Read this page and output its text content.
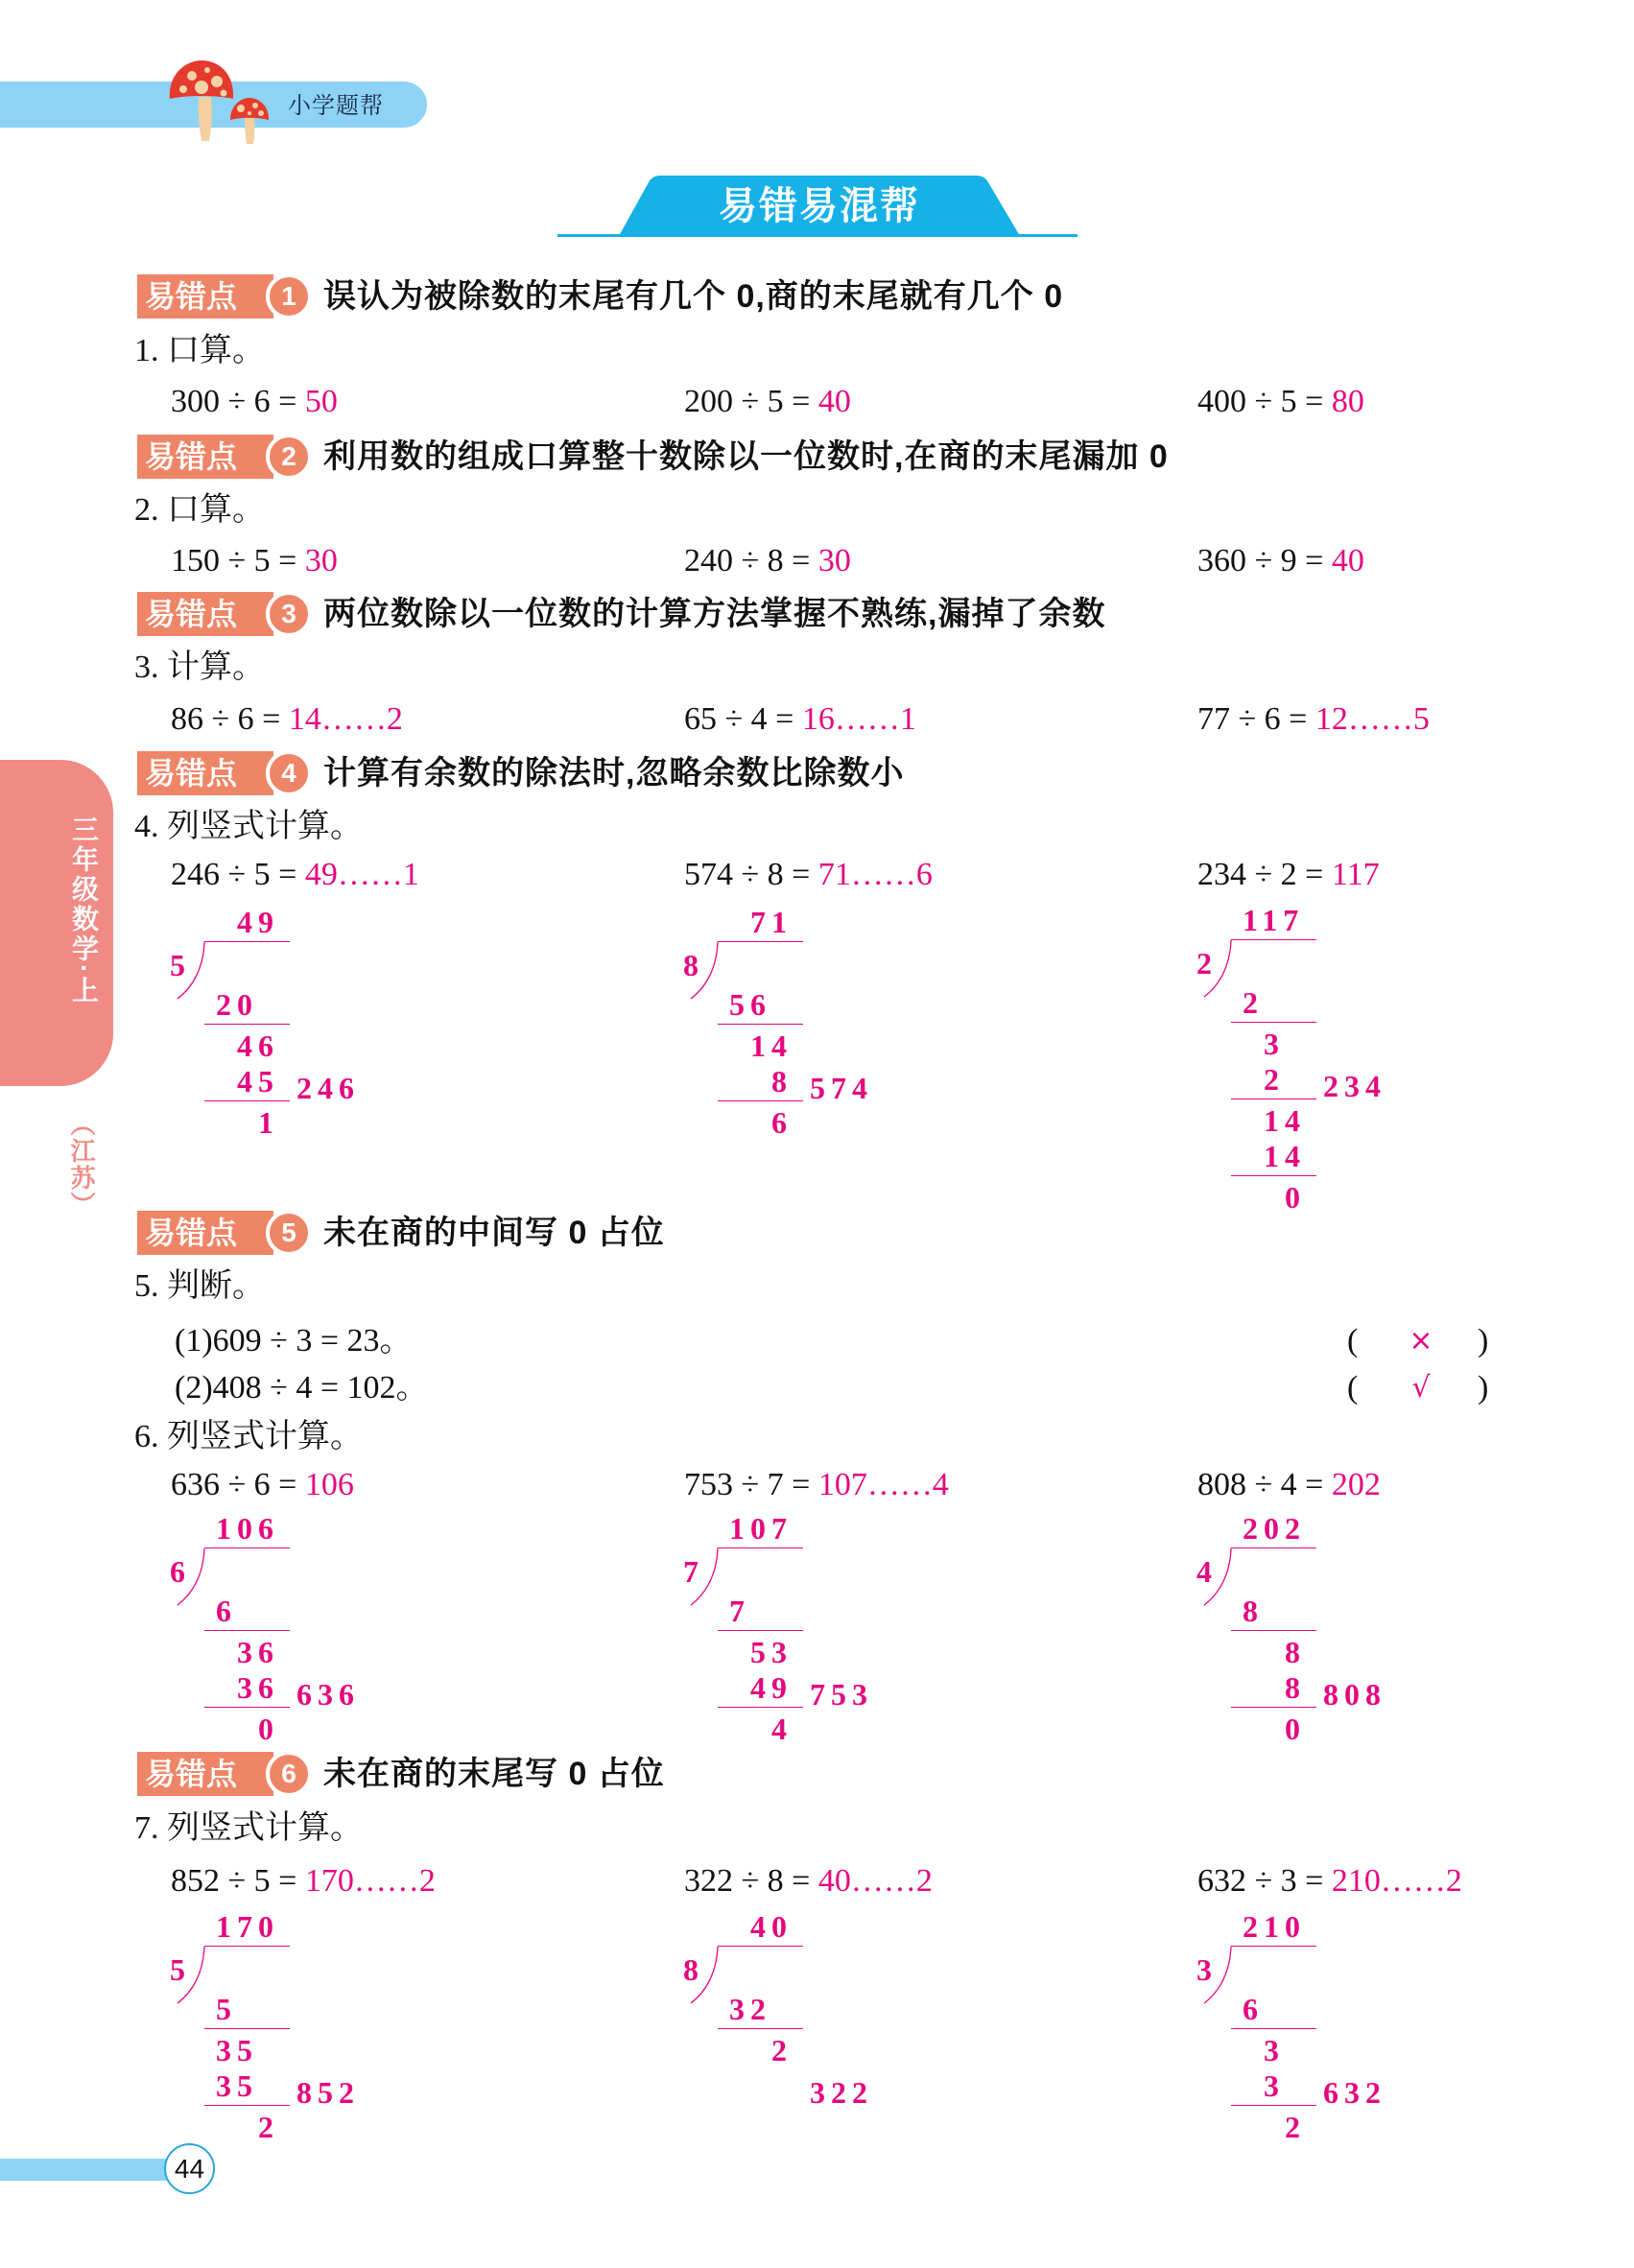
小学题帮
易错易混帮
三年级数学·上
（江苏）
易错点	1 误认为被除数的末尾有几个 0,商的末尾就有几个 0
1. 口算。
300 ÷ 6 = 50	200 ÷ 5 = 40	400 ÷ 5 = 80
易错点	2 利用数的组成口算整十数除以一位数时,在商的末尾漏加 0
2. 口算。
150 ÷ 5 = 30	240 ÷ 8 = 30	360 ÷ 9 = 40
易错点	3 两位数除以一位数的计算方法掌握不熟练,漏掉了余数
3. 计算。
86 ÷ 6 = 14……2	65 ÷ 4 = 16……1	77 ÷ 6 = 12……5
易错点	4 计算有余数的除法时,忽略余数比除数小
4. 列竖式计算。
246 ÷ 5 = 49……1	574 ÷ 8 = 71……6	234 ÷ 2 = 117
49

5

246

20
46
45
1
71

8

574

56
14
8
6
117

2

234

2
3
2
14
14
0
易错点	5 未在商的中间写 0 占位
5. 判断。
(1)609 ÷ 3 = 23。	( × )
(2)408 ÷ 4 = 102。	(	√	)
6. 列竖式计算。
636 ÷ 6 = 106	753 ÷ 7 = 107……4	808 ÷ 4 = 202
106

6

636

6
36
36
0
107

7

753

7
53
49
4
202

4

808

8
8
8
0
易错点	6 未在商的末尾写 0 占位
7. 列竖式计算。
852 ÷ 5 = 170……2	322 ÷ 8 = 40……2	632 ÷ 3 = 210……2
170

5

852

5
35
35
2
40

8

322

32
2
210

3

632

6
3
3
2
44
